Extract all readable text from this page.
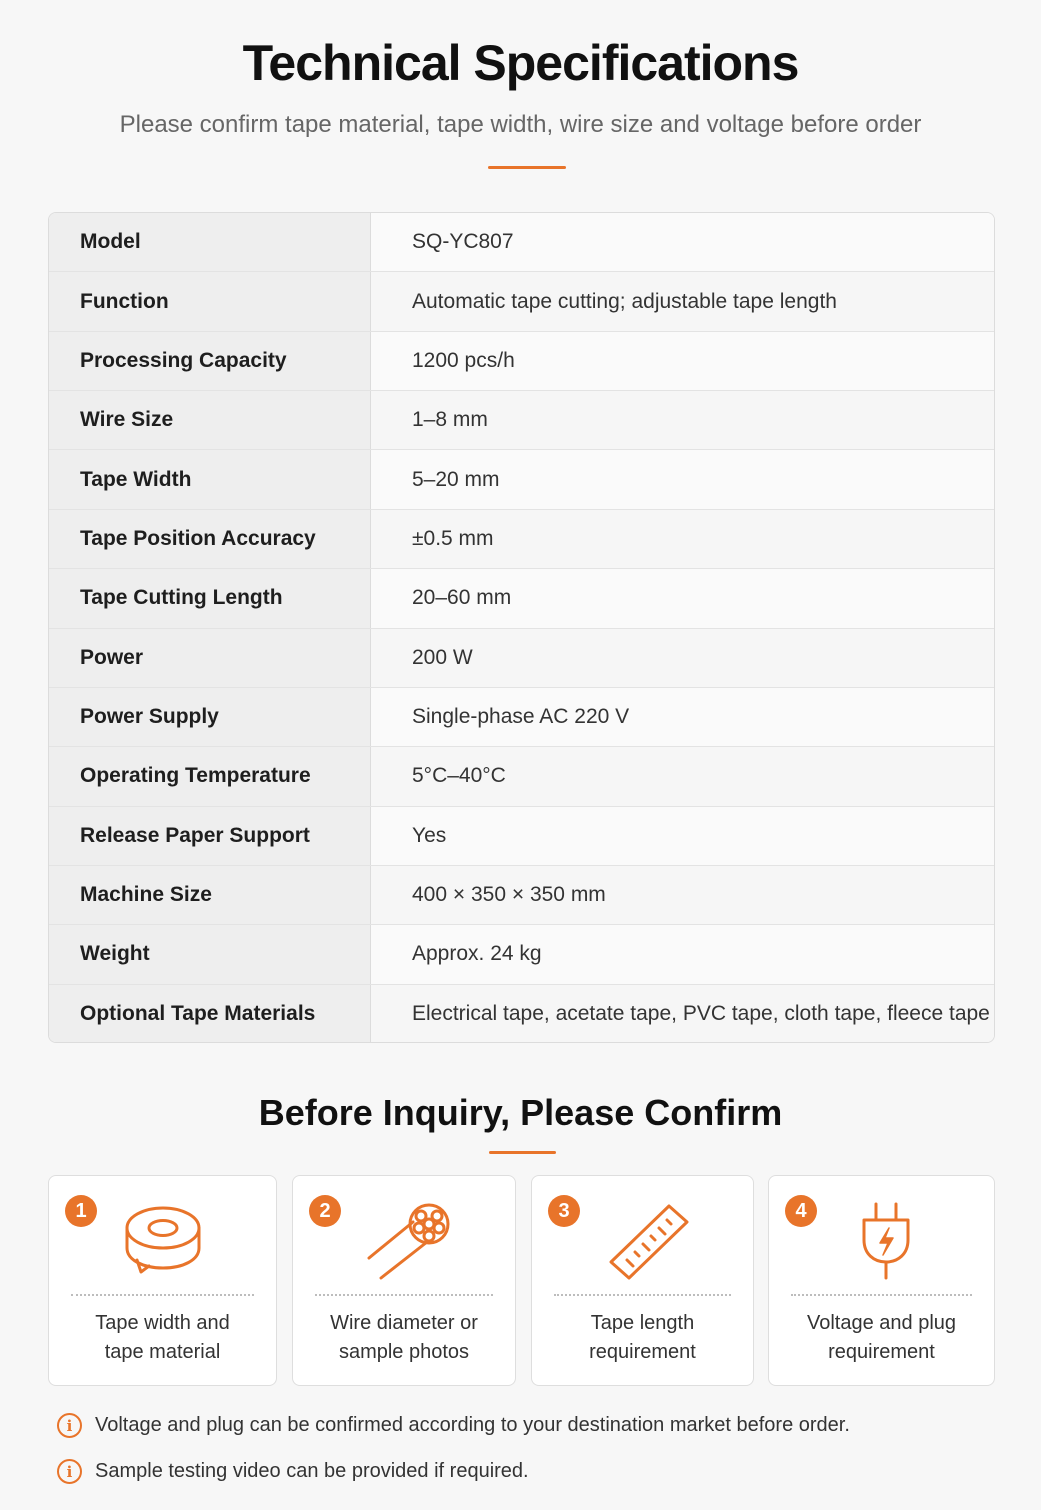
Technical Specifications

Please confirm tape material, tape width, wire size and voltage before order

Model	SQ-YC807
Function	Automatic tape cutting; adjustable tape length
Processing Capacity	1200 pcs/h
Wire Size	1–8 mm
Tape Width	5–20 mm
Tape Position Accuracy	±0.5 mm
Tape Cutting Length	20–60 mm
Power	200 W
Power Supply	Single-phase AC 220 V
Operating Temperature	5°C–40°C
Release Paper Support	Yes
Machine Size	400 × 350 × 350 mm
Weight	Approx. 24 kg
Optional Tape Materials	Electrical tape, acetate tape, PVC tape, cloth tape, fleece tape
Before Inquiry, Please Confirm
1
Tape width and
tape material
2
Wire diameter or
sample photos
3
Tape length
requirement
4
Voltage and plug
requirement
i	Voltage and plug can be confirmed according to your destination market before order.
i	Sample testing video can be provided if required.
